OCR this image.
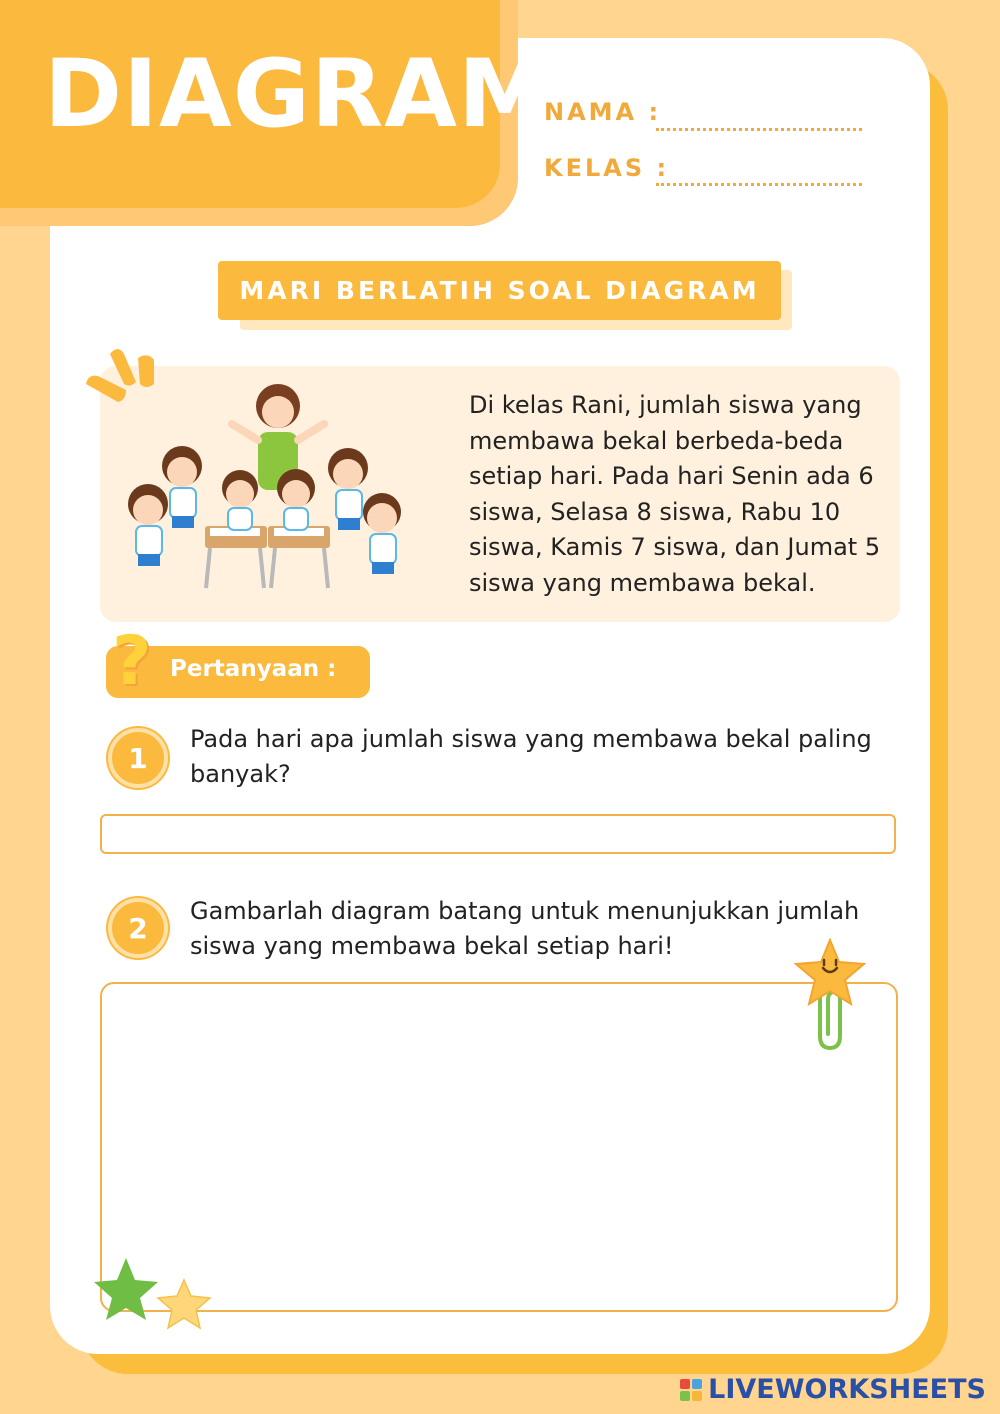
DIAGRAM
NAMA :
KELAS :
MARI BERLATIH SOAL DIAGRAM

Di kelas Rani, jumlah siswa yang membawa bekal berbeda-beda setiap hari. Pada hari Senin ada 6 siswa, Selasa 8 siswa, Rabu 10 siswa, Kamis 7 siswa, dan Jumat 5 siswa yang membawa bekal.

? Pertanyaan :
1

Pada hari apa jumlah siswa yang membawa bekal paling banyak?

2

Gambarlah diagram batang untuk menunjukkan jumlah siswa yang membawa bekal setiap hari!

LIVEWORKSHEETS
